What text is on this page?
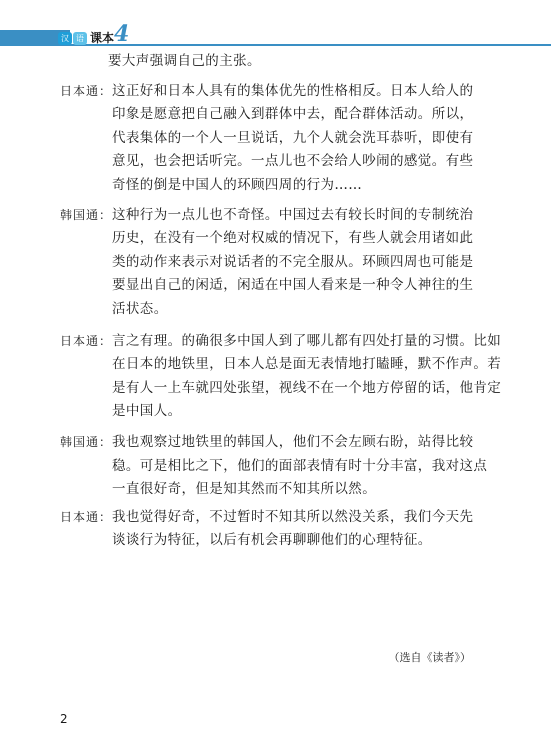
汉 语 课本 4
要大声强调自己的主张。
日本通： 这正好和日本人具有的集体优先的性格相反。日本人给人的
印象是愿意把自己融入到群体中去，配合群体活动。所以，
代表集体的一个人一旦说话，九个人就会洗耳恭听，即使有
意见，也会把话听完。一点儿也不会给人吵闹的感觉。有些
奇怪的倒是中国人的环顾四周的行为……
韩国通： 这种行为一点儿也不奇怪。中国过去有较长时间的专制统治
历史，在没有一个绝对权威的情况下，有些人就会用诸如此
类的动作来表示对说话者的不完全服从。环顾四周也可能是
要显出自己的闲适，闲适在中国人看来是一种令人神往的生
活状态。
日本通： 言之有理。的确很多中国人到了哪儿都有四处打量的习惯。比如
在日本的地铁里，日本人总是面无表情地打瞌睡，默不作声。若
是有人一上车就四处张望，视线不在一个地方停留的话，他肯定
是中国人。
韩国通： 我也观察过地铁里的韩国人，他们不会左顾右盼，站得比较
稳。可是相比之下，他们的面部表情有时十分丰富，我对这点
一直很好奇，但是知其然而不知其所以然。
日本通： 我也觉得好奇，不过暂时不知其所以然没关系，我们今天先
谈谈行为特征，以后有机会再聊聊他们的心理特征。
（选自《读者》）
2
